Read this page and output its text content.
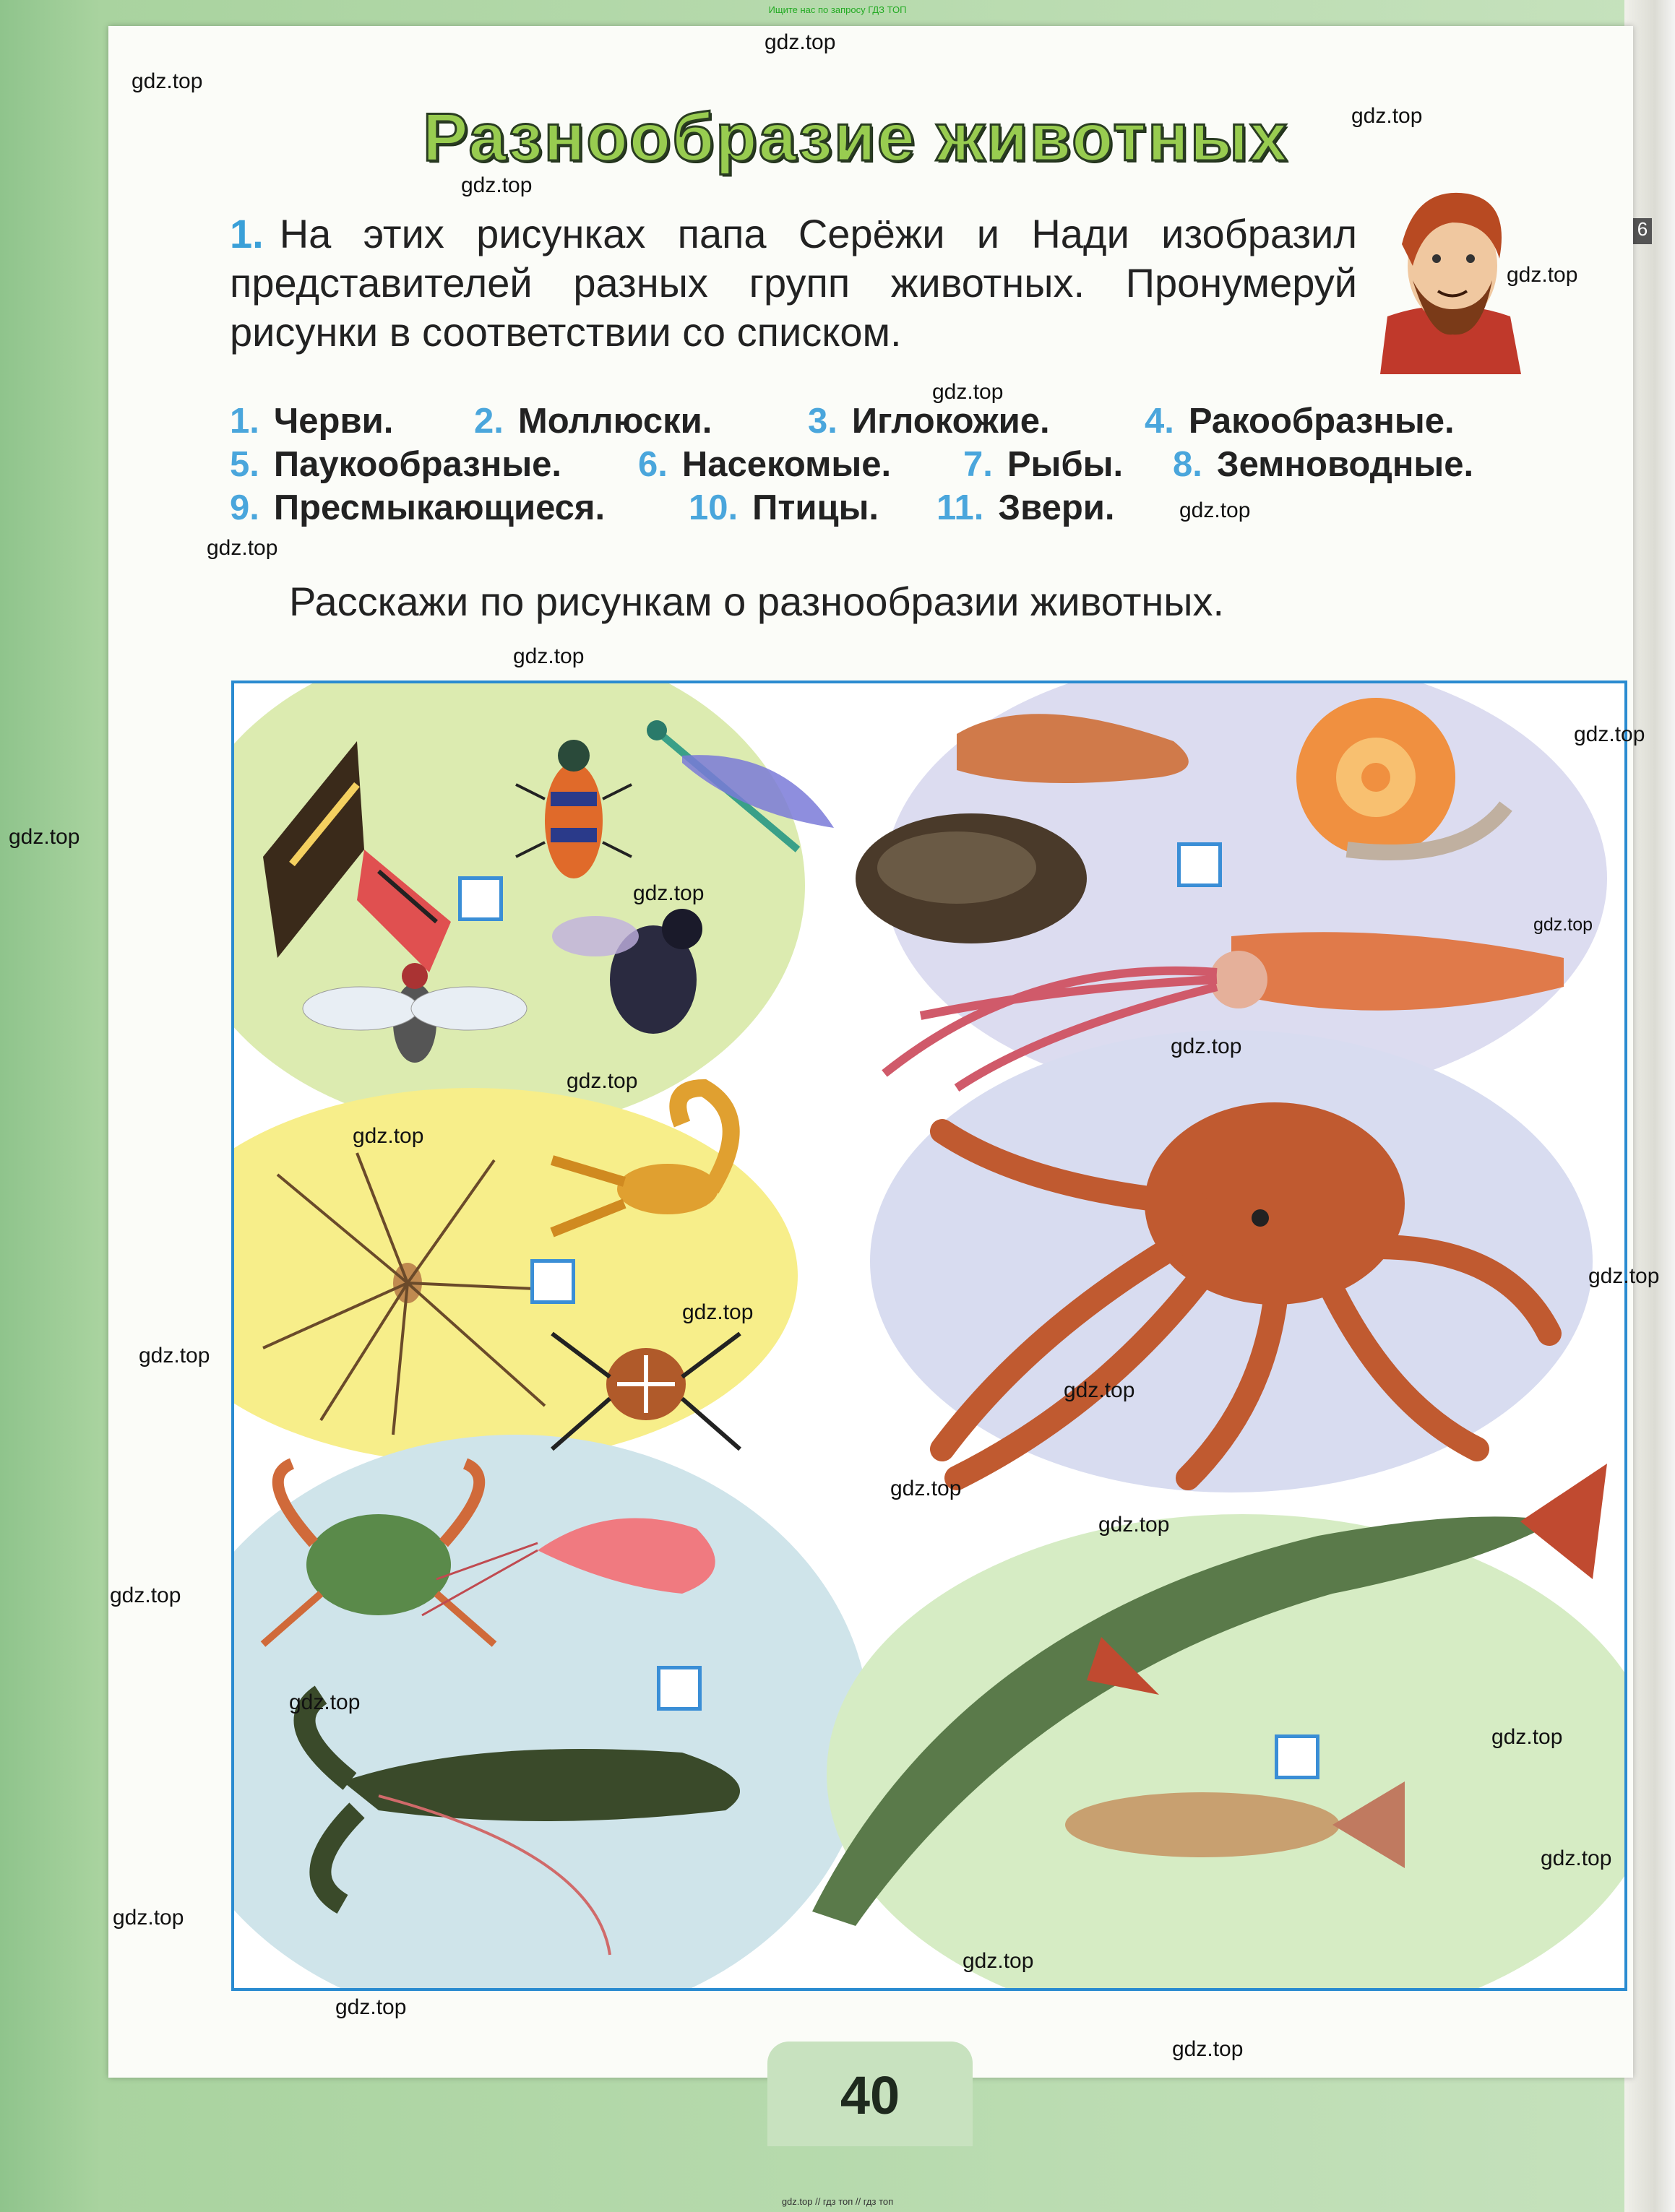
6
Ищите нас по запросу ГДЗ ТОП
Разнообразие животных
1. На этих рисунках папа Серёжи и Нади изобразил представителей разных групп животных. Пронумеруй рисунки в соответствии со списком.
1. Черви. 2. Моллюски.	3. Иглокожие.	4. Ракообразные.
5. Паукообразные. 6. Насекомые. 7. Рыбы. 8. Земноводные.
9. Пресмыкающиеся. 10. Птицы. 11. Звери.
Расскажи по рисункам о разнообразии животных.
40
gdz.top
gdz.top
gdz.top
gdz.top
gdz.top
gdz.top
gdz.top
gdz.top
gdz.top
gdz.top
gdz.top
gdz.top
gdz.top
gdz.top
gdz.top
gdz.top
gdz.top
gdz.top
gdz.top
gdz.top
gdz.top
gdz.top
gdz.top
gdz.top
gdz.top
gdz.top
gdz.top
gdz.top
gdz.top
gdz.top
gdz.top // гдз топ // гдз топ
